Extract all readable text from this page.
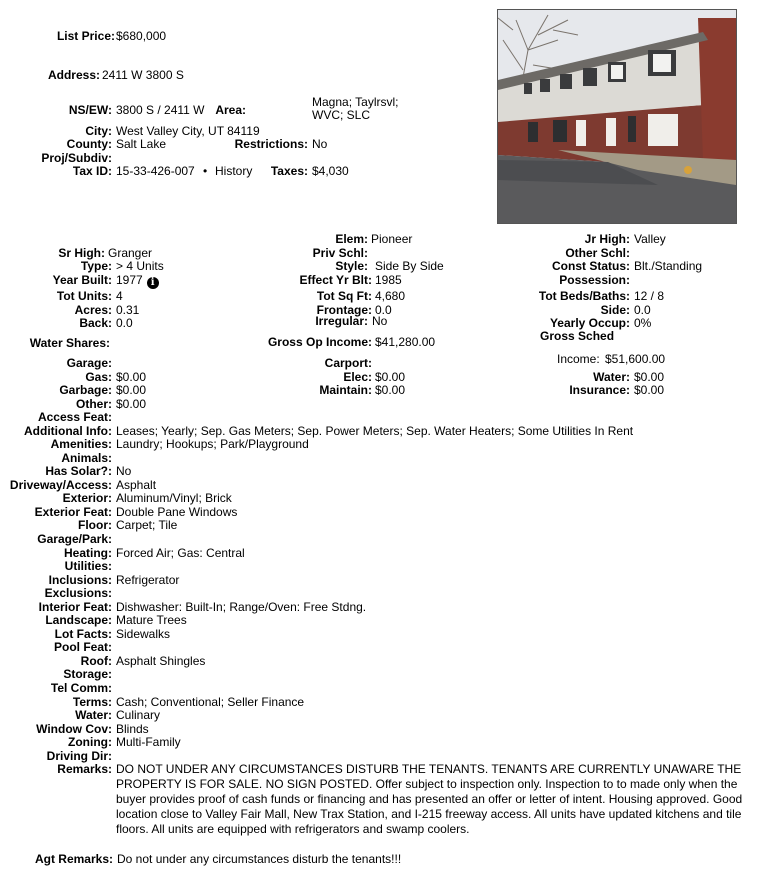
List Price: $680,000
Address: 2411 W 3800 S
NS/EW: 3800 S / 2411 W Area:
Magna; Taylrsvl; WVC; SLC
City: West Valley City, UT 84119
County: Salt Lake	Restrictions: No
Proj/Subdiv:
Tax ID: 15-33-426-007 • History	Taxes: $4,030
Elem: Pioneer	Jr High: Valley
Sr High: Granger	Priv Schl:	Other Schl:
Type: > 4 Units	Style: Side By Side	Const Status: Blt./Standing
Year Built: 1977 i	Effect Yr Blt: 1985	Possession:
Tot Units: 4	Tot Sq Ft: 4,680	Tot Beds/Baths: 12 / 8
Acres: 0.31	Frontage: 0.0	Side: 0.0
Back: 0.0	Irregular: No	Yearly Occup: 0%
Gross Sched
Water Shares:	Gross Op Income: $41,280.00
Income: $51,600.00
Garage:	Carport:
Gas: $0.00	Elec: $0.00	Water: $0.00
Garbage: $0.00	Maintain: $0.00	Insurance: $0.00
Other: $0.00
Access Feat:
Additional Info: Leases; Yearly; Sep. Gas Meters; Sep. Power Meters; Sep. Water Heaters; Some Utilities In Rent
Amenities: Laundry; Hookups; Park/Playground
Animals:
Has Solar?: No
Driveway/Access: Asphalt
Exterior: Aluminum/Vinyl; Brick
Exterior Feat: Double Pane Windows
Floor: Carpet; Tile
Garage/Park:
Heating: Forced Air; Gas: Central
Utilities:
Inclusions: Refrigerator
Exclusions:
Interior Feat: Dishwasher: Built-In; Range/Oven: Free Stdng.
Landscape: Mature Trees
Lot Facts: Sidewalks
Pool Feat:
Roof: Asphalt Shingles
Storage:
Tel Comm:
Terms: Cash; Conventional; Seller Finance
Water: Culinary
Window Cov: Blinds
Zoning: Multi-Family
Driving Dir:
Remarks: DO NOT UNDER ANY CIRCUMSTANCES DISTURB THE TENANTS. TENANTS ARE CURRENTLY UNAWARE THE PROPERTY IS FOR SALE. NO SIGN POSTED. Offer subject to inspection only. Inspection to to made only when the buyer provides proof of cash funds or financing and has presented an offer or letter of intent. Housing approved. Good location close to Valley Fair Mall, New Trax Station, and I-215 freeway access. All units have updated kitchens and tile floors. All units are equipped with refrigerators and swamp coolers.
Agt Remarks: Do not under any circumstances disturb the tenants!!!
